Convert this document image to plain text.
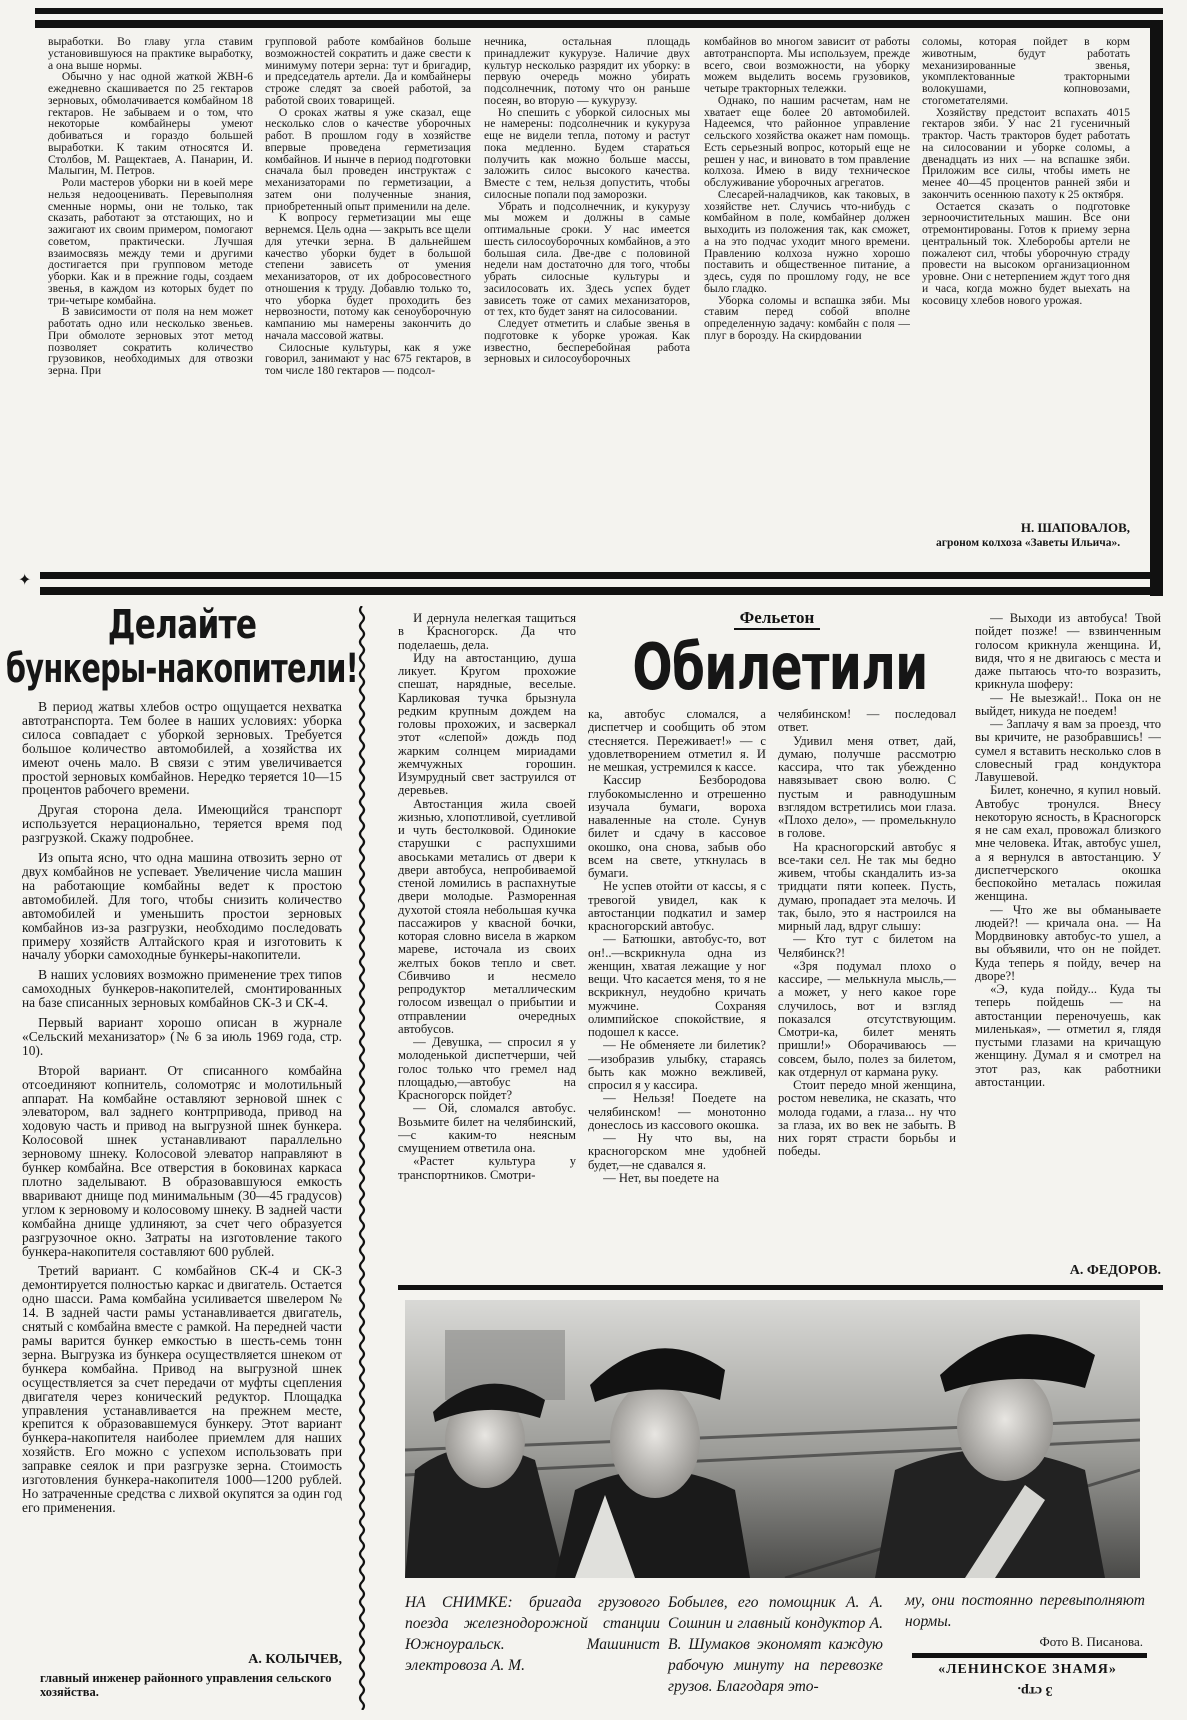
выработки. Во главу угла ставим установившуюся на практике выработку, а она выше нормы.

Обычно у нас одной жаткой ЖВН-6 ежедневно скашивается по 25 гектаров зерновых, обмолачивается комбайном 18 гектаров. Не забываем и о том, что некоторые комбайнеры умеют добиваться и гораздо большей выработки. К таким относятся И. Столбов, М. Ращектаев, А. Панарин, И. Малыгин, М. Петров.

Роли мастеров уборки ни в коей мере нельзя недооценивать. Перевыполняя сменные нормы, они не только, так сказать, работают за отстающих, но и зажигают их своим примером, помогают советом, практически. Лучшая взаимосвязь между теми и другими достигается при групповом методе уборки. Как и в прежние годы, создаем звенья, в каждом из которых будет по три-четыре комбайна.

В зависимости от поля на нем может работать одно или несколько звеньев. При обмолоте зерновых этот метод позволяет сократить количество грузовиков, необходимых для отвозки зерна. При

групповой работе комбайнов больше возможностей сократить и даже свести к минимуму потери зерна: тут и бригадир, и председатель артели. Да и комбайнеры строже следят за своей работой, за работой своих товарищей.

О сроках жатвы я уже сказал, еще несколько слов о качестве уборочных работ. В прошлом году в хозяйстве впервые проведена герметизация комбайнов. И нынче в период подготовки сначала был проведен инструктаж с механизаторами по герметизации, а затем они полученные знания, приобретенный опыт применили на деле.

К вопросу герметизации мы еще вернемся. Цель одна — закрыть все щели для утечки зерна. В дальнейшем качество уборки будет в большой степени зависеть от умения механизаторов, от их добросовестного отношения к труду. Добавлю только то, что уборка будет проходить без нервозности, потому как сеноуборочную кампанию мы намерены закончить до начала массовой жатвы.

Силосные культуры, как я уже говорил, занимают у нас 675 гектаров, в том числе 180 гектаров — подсол-

нечника, остальная площадь принадлежит кукурузе. Наличие двух культур несколько разрядит их уборку: в первую очередь можно убирать подсолнечник, потому что он раньше посеян, во вторую — кукурузу.

Но спешить с уборкой силосных мы не намерены: подсолнечник и кукуруза еще не видели тепла, потому и растут пока медленно. Будем стараться получить как можно больше массы, заложить силос высокого качества. Вместе с тем, нельзя допустить, чтобы силосные попали под заморозки.

Убрать и подсолнечник, и кукурузу мы можем и должны в самые оптимальные сроки. У нас имеется шесть силосоуборочных комбайнов, а это большая сила. Две-две с половиной недели нам достаточно для того, чтобы убрать силосные культуры и засилосовать их. Здесь успех будет зависеть тоже от самих механизаторов, от тех, кто будет занят на силосовании.

Следует отметить и слабые звенья в подготовке к уборке урожая. Как известно, бесперебойная работа зерновых и силосоуборочных

комбайнов во многом зависит от работы автотранспорта. Мы используем, прежде всего, свои возможности, на уборку можем выделить восемь грузовиков, четыре тракторных тележки.

Однако, по нашим расчетам, нам не хватает еще более 20 автомобилей. Надеемся, что районное управление сельского хозяйства окажет нам помощь. Есть серьезный вопрос, который еще не решен у нас, и виновато в том правление колхоза. Имею в виду техническое обслуживание уборочных агрегатов.

Слесарей-наладчиков, как таковых, в хозяйстве нет. Случись что-нибудь с комбайном в поле, комбайнер должен выходить из положения так, как сможет, а на это подчас уходит много времени. Правлению колхоза нужно хорошо поставить и общественное питание, а здесь, судя по прошлому году, не все было гладко.

Уборка соломы и вспашка зяби. Мы ставим перед собой вполне определенную задачу: комбайн с поля — плуг в борозду. На скирдовании

соломы, которая пойдет в корм животным, будут работать механизированные звенья, укомплектованные тракторными волокушами, копновозами, стогометателями.

Хозяйству предстоит вспахать 4015 гектаров зяби. У нас 21 гусеничный трактор. Часть тракторов будет работать на силосовании и уборке соломы, а двенадцать из них — на вспашке зяби. Приложим все силы, чтобы иметь не менее 40—45 процентов ранней зяби и закончить осеннюю пахоту к 25 октября.

Остается сказать о подготовке зерноочистительных машин. Все они отремонтированы. Готов к приему зерна центральный ток. Хлеборобы артели не пожалеют сил, чтобы уборочную страду провести на высоком организационном уровне. Они с нетерпением ждут того дня и часа, когда можно будет выехать на косовицу хлебов нового урожая.

Н. ШАПОВАЛОВ,
агроном колхоза «Заветы Ильича».
✦
Делайте
бункеры-накопители!

В период жатвы хлебов остро ощущается нехватка автотранспорта. Тем более в наших условиях: уборка силоса совпадает с уборкой зерновых. Требуется большое количество автомобилей, а хозяйства их имеют очень мало. В связи с этим увеличивается простой зерновых комбайнов. Нередко теряется 10—15 процентов рабочего времени.

Другая сторона дела. Имеющийся транспорт используется нерационально, теряется время под разгрузкой. Скажу подробнее.

Из опыта ясно, что одна машина отвозить зерно от двух комбайнов не успевает. Увеличение числа машин на работающие комбайны ведет к простою автомобилей. Для того, чтобы снизить количество автомобилей и уменьшить простои зерновых комбайнов из-за разгрузки, необходимо последовать примеру хозяйств Алтайского края и изготовить к началу уборки самоходные бункеры-накопители.

В наших условиях возможно применение трех типов самоходных бункеров-накопителей, смонтированных на базе списанных зерновых комбайнов СК-3 и СК-4.

Первый вариант хорошо описан в журнале «Сельский механизатор» (№ 6 за июль 1969 года, стр. 10).

Второй вариант. От списанного комбайна отсоединяют копнитель, соломотряс и молотильный аппарат. На комбайне оставляют зерновой шнек с элеватором, вал заднего контрпривода, привод на ходовую часть и привод на выгрузной шнек бункера. Колосовой шнек устанавливают параллельно зерновому шнеку. Колосовой элеватор направляют в бункер комбайна. Все отверстия в боковинах каркаса плотно заделывают. В образовавшуюся емкость вваривают днище под минимальным (30—45 градусов) углом к зерновому и колосовому шнеку. В задней части комбайна днище удлиняют, за счет чего образуется разгрузочное окно. Затраты на изготовление такого бункера-накопителя составляют 600 рублей.

Третий вариант. С комбайнов СК-4 и СК-3 демонтируется полностью каркас и двигатель. Остается одно шасси. Рама комбайна усиливается швелером № 14. В задней части рамы устанавливается двигатель, снятый с комбайна вместе с рамкой. На передней части рамы варится бункер емкостью в шесть-семь тонн зерна. Выгрузка из бункера осуществляется шнеком от бункера комбайна. Привод на выгрузной шнек осуществляется за счет передачи от муфты сцепления двигателя через конический редуктор. Площадка управления устанавливается на прежнем месте, крепится к образовавшемуся бункеру. Этот вариант бункера-накопителя наиболее приемлем для наших хозяйств. Его можно с успехом использовать при заправке сеялок и при разгрузке зерна. Стоимость изготовления бункера-накопителя 1000—1200 рублей. Но затраченные средства с лихвой окупятся за один год его применения.

А. КОЛЫЧЕВ,
главный инженер районного управления сельского хозяйства.
Фельетон
Обилетили

И дернула нелегкая тащиться в Красногорск. Да что поделаешь, дела.

Иду на автостанцию, душа ликует. Кругом прохожие спешат, нарядные, веселые. Карликовая тучка брызнула редким крупным дождем на головы прохожих, и засверкал этот «слепой» дождь под жарким солнцем мириадами жемчужных горошин. Изумрудный свет заструился от деревьев.

Автостанция жила своей жизнью, хлопотливой, суетливой и чуть бестолковой. Одинокие старушки с распухшими авоськами метались от двери к двери автобуса, непробиваемой стеной ломились в распахнутые двери молодые. Разморенная духотой стояла небольшая кучка пассажиров у квасной бочки, которая словно висела в жарком мареве, источала из своих желтых боков тепло и свет. Сбивчиво и несмело репродуктор металлическим голосом извещал о прибытии и отправлении очередных автобусов.

— Девушка, — спросил я у молоденькой диспетчерши, чей голос только что гремел над площадью,—автобус на Красногорск пойдет?

— Ой, сломался автобус. Возьмите билет на челябинский,—с каким-то неясным смущением ответила она.

«Растет культура у транспортников. Смотри-

ка, автобус сломался, а диспетчер и сообщить об этом стесняется. Переживает!» — с удовлетворением отметил я. И не мешкая, устремился к кассе.

Кассир Безбородова глубокомысленно и отрешенно изучала бумаги, вороха наваленные на столе. Сунув билет и сдачу в кассовое окошко, она снова, забыв обо всем на свете, уткнулась в бумаги.

Не успев отойти от кассы, я с тревогой увидел, как к автостанции подкатил и замер красногорский автобус.

— Батюшки, автобус-то, вот он!..—вскрикнула одна из женщин, хватая лежащие у ног вещи. Что касается меня, то я не вскрикнул, неудобно кричать мужчине. Сохраняя олимпийское спокойствие, я подошел к кассе.

— Не обменяете ли билетик? —изобразив улыбку, стараясь быть как можно вежливей, спросил я у кассира.

— Нельзя! Поедете на челябинском! — монотонно донеслось из кассового окошка.

— Ну что вы, на красногорском мне удобней будет,—не сдавался я.

— Нет, вы поедете на

челябинском! — последовал ответ.

Удивил меня ответ, дай, думаю, получше рассмотрю кассира, что так убежденно навязывает свою волю. С пустым и равнодушным взглядом встретились мои глаза. «Плохо дело», — промелькнуло в голове.

На красногорский автобус я все-таки сел. Не так мы бедно живем, чтобы скандалить из-за тридцати пяти копеек. Пусть, думаю, пропадает эта мелочь. И так, было, это я настроился на мирный лад, вдруг слышу:

— Кто тут с билетом на Челябинск?!

«Зря подумал плохо о кассире, — мелькнула мысль,— а может, у него какое горе случилось, вот и взгляд показался отсутствующим. Смотри-ка, билет менять пришли!» Оборачиваюсь — совсем, было, полез за билетом, как отдернул от кармана руку.

Стоит передо мной женщина, ростом невелика, не сказать, что молода годами, а глаза... ну что за глаза, их во век не забыть. В них горят страсти борьбы и победы.

— Выходи из автобуса! Твой пойдет позже! — взвинченным голосом крикнула женщина. И, видя, что я не двигаюсь с места и даже пытаюсь что-то возразить, крикнула шоферу:

— Не выезжай!.. Пока он не выйдет, никуда не поедем!

— Заплачу я вам за проезд, что вы кричите, не разобравшись! — сумел я вставить несколько слов в словесный град кондуктора Лавушевой.

Билет, конечно, я купил новый. Автобус тронулся. Внесу некоторую ясность, в Красногорск я не сам ехал, провожал близкого мне человека. Итак, автобус ушел, а я вернулся в автостанцию. У диспетчерского окошка беспокойно металась пожилая женщина.

— Что же вы обманываете людей?! — кричала она. — На Мордвиновку автобус-то ушел, а вы объявили, что он не пойдет. Куда теперь я пойду, вечер на дворе?!

«Э, куда пойду... Куда ты теперь пойдешь — на автостанции переночуешь, как миленькая», — отметил я, глядя пустыми глазами на кричащую женщину. Думал я и смотрел на этот раз, как работники автостанции.

А. ФЕДОРОВ.
НА СНИМКЕ: бригада грузового поезда железнодорожной станции Южноуральск. Машинист электровоза А. М.
Бобылев, его помощник А. А. Сошнин и главный кондуктор А. В. Шумаков экономят каждую рабочую минуту на перевозке грузов. Благодаря это-
му, они постоянно перевыполняют нормы.
Фото В. Писанова.
«ЛЕНИНСКОЕ ЗНАМЯ»
3 стр.
